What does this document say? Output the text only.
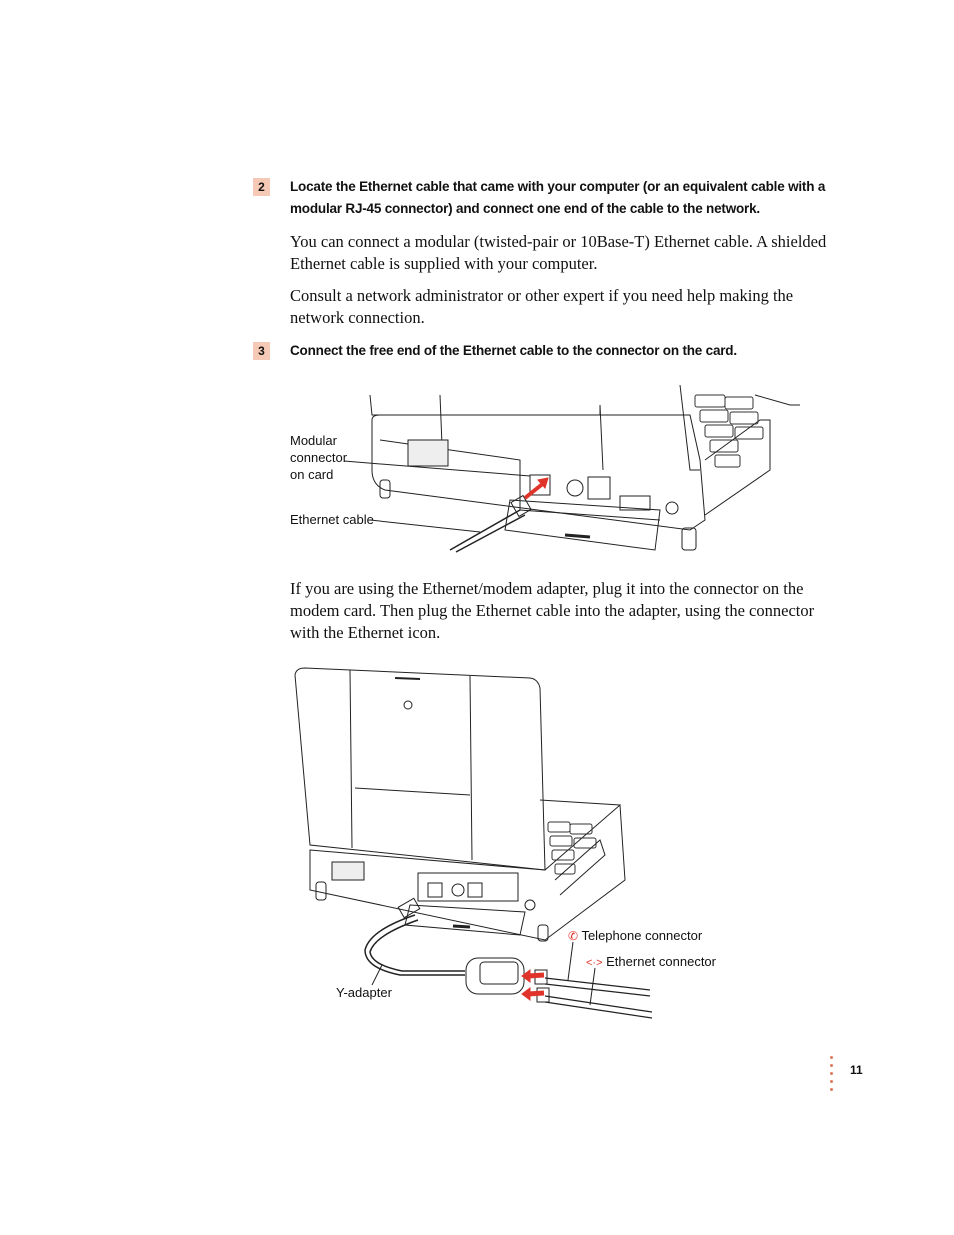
2	Locate the Ethernet cable that came with your computer (or an equivalent cable with a modular RJ-45 connector) and connect one end of the cable to the network.
You can connect a modular (twisted-pair or 10Base-T) Ethernet cable. A shielded Ethernet cable is supplied with your computer.
Consult a network administrator or other expert if you need help making the network connection.
3	Connect the free end of the Ethernet cable to the connector on the card.
Modular
connector
on card
Ethernet cable
If you are using the Ethernet/modem adapter, plug it into the connector on the modem card. Then plug the Ethernet cable into the adapter, using the connector with the Ethernet icon.
✆ Telephone connector
<·> Ethernet connector
Y-adapter
11
